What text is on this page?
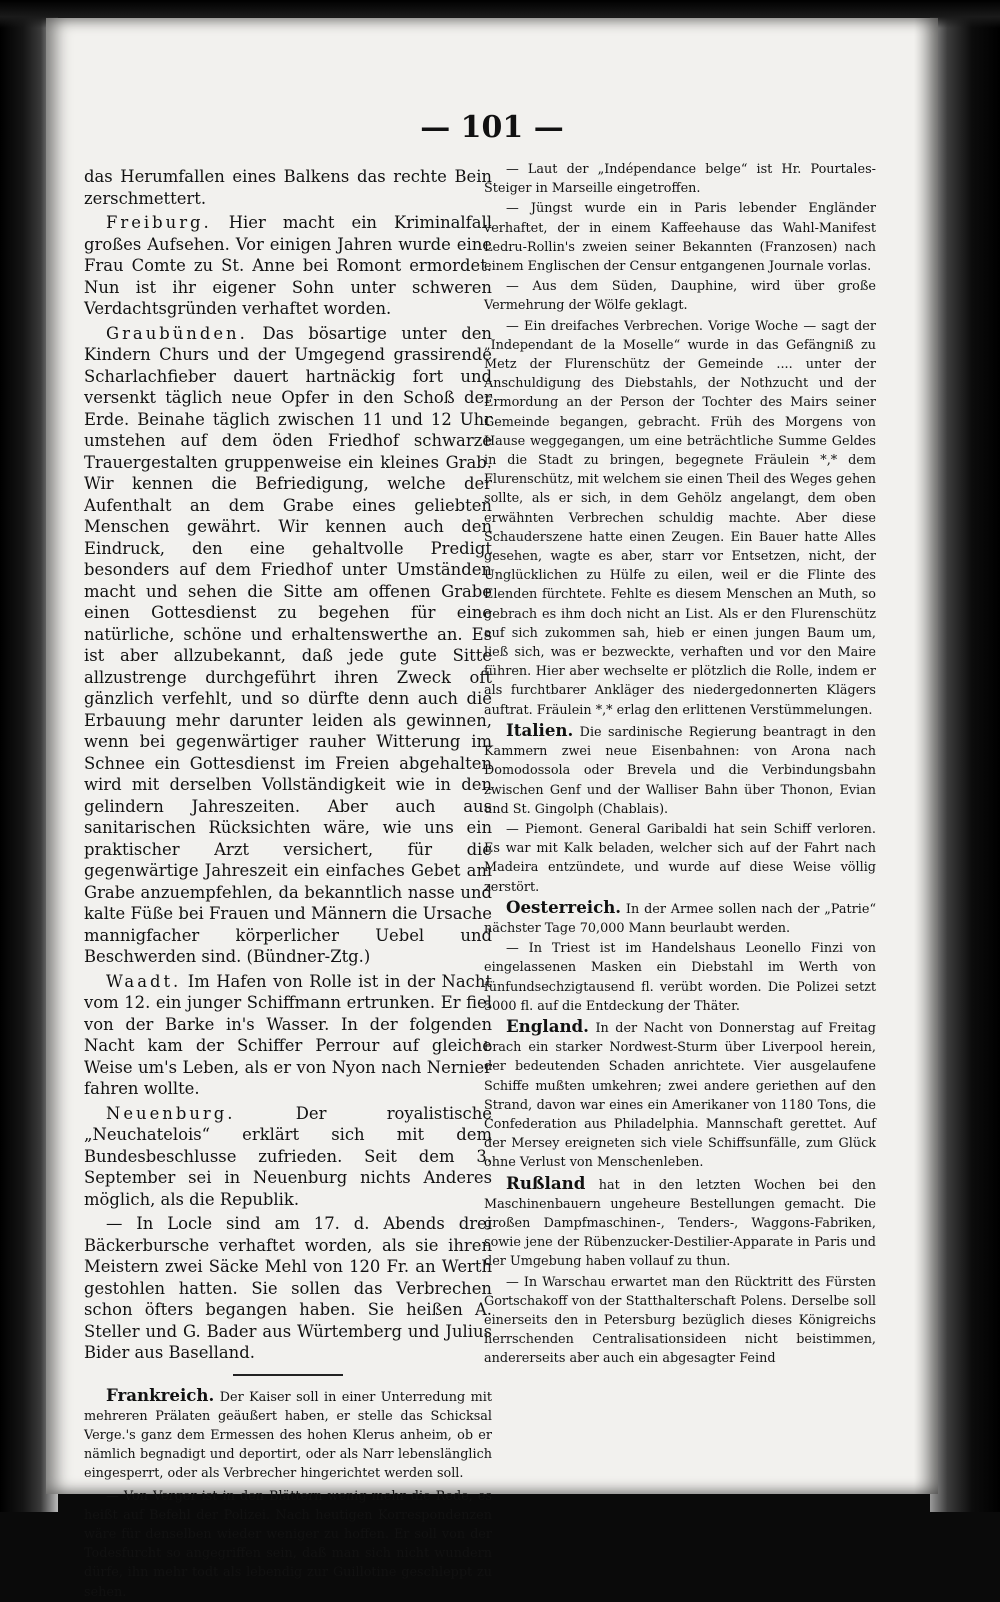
— 101 —

das Herumfallen eines Balkens das rechte Bein zerschmettert.

Freiburg. Hier macht ein Kriminalfall großes Aufsehen. Vor einigen Jahren wurde eine Frau Comte zu St. Anne bei Romont ermordet. Nun ist ihr eigener Sohn unter schweren Verdachtsgründen verhaftet worden.

Graubünden. Das bösartige unter den Kindern Churs und der Umgegend grassirende Scharlachfieber dauert hartnäckig fort und versenkt täglich neue Opfer in den Schoß der Erde. Beinahe täglich zwischen 11 und 12 Uhr umstehen auf dem öden Friedhof schwarze Trauergestalten gruppenweise ein kleines Grab. Wir kennen die Befriedigung, welche der Aufenthalt an dem Grabe eines geliebten Menschen gewährt. Wir kennen auch den Eindruck, den eine gehaltvolle Predigt besonders auf dem Friedhof unter Umständen macht und sehen die Sitte am offenen Grabe einen Gottesdienst zu begehen für eine natürliche, schöne und erhaltenswerthe an. Es ist aber allzubekannt, daß jede gute Sitte allzustrenge durchgeführt ihren Zweck oft gänzlich verfehlt, und so dürfte denn auch die Erbauung mehr darunter leiden als gewinnen, wenn bei gegenwärtiger rauher Witterung im Schnee ein Gottesdienst im Freien abgehalten wird mit derselben Vollständigkeit wie in den gelindern Jahreszeiten. Aber auch aus sanitarischen Rücksichten wäre, wie uns ein praktischer Arzt versichert, für die gegenwärtige Jahreszeit ein einfaches Gebet am Grabe anzuempfehlen, da bekanntlich nasse und kalte Füße bei Frauen und Männern die Ursache mannigfacher körperlicher Uebel und Beschwerden sind. (Bündner-Ztg.)

Waadt. Im Hafen von Rolle ist in der Nacht vom 12. ein junger Schiffmann ertrunken. Er fiel von der Barke in's Wasser. In der folgenden Nacht kam der Schiffer Perrour auf gleiche Weise um's Leben, als er von Nyon nach Nernier fahren wollte.

Neuenburg. Der royalistische „Neuchatelois“ erklärt sich mit dem Bundesbeschlusse zufrieden. Seit dem 3. September sei in Neuenburg nichts Anderes möglich, als die Republik.

— In Locle sind am 17. d. Abends drei Bäckerbursche verhaftet worden, als sie ihren Meistern zwei Säcke Mehl von 120 Fr. an Werth gestohlen hatten. Sie sollen das Verbrechen schon öfters begangen haben. Sie heißen A. Steller und G. Bader aus Würtemberg und Julius Bider aus Baselland.

Frankreich. Der Kaiser soll in einer Unterredung mit mehreren Prälaten geäußert haben, er stelle das Schicksal Verge.'s ganz dem Ermessen des hohen Klerus anheim, ob er nämlich begnadigt und deportirt, oder als Narr lebenslänglich eingesperrt, oder als Verbrecher hingerichtet werden soll.

— Von Verger ist in den Blättern wenig mehr die Rede, es heißt auf Befehl der Polizei. Nach heutigen Korrespondenzen wäre für denselben wieder weniger zu hoffen. Er soll von der Todesfurcht so angegriffen sein, daß man sich nicht wundern dürfe, ihn mehr todt als lebendig zur Guillotine geschleppt zu sehen.

— Laut der „Indépendance belge“ ist Hr. Pourtales-Steiger in Marseille eingetroffen.

— Jüngst wurde ein in Paris lebender Engländer verhaftet, der in einem Kaffeehause das Wahl-Manifest Ledru-Rollin's zweien seiner Bekannten (Franzosen) nach einem Englischen der Censur entgangenen Journale vorlas.

— Aus dem Süden, Dauphine, wird über große Vermehrung der Wölfe geklagt.

— Ein dreifaches Verbrechen. Vorige Woche — sagt der „Independant de la Moselle“ wurde in das Gefängniß zu Metz der Flurenschütz der Gemeinde .... unter der Anschuldigung des Diebstahls, der Nothzucht und der Ermordung an der Person der Tochter des Mairs seiner Gemeinde begangen, gebracht. Früh des Morgens von Hause weggegangen, um eine beträchtliche Summe Geldes in die Stadt zu bringen, begegnete Fräulein *,* dem Flurenschütz, mit welchem sie einen Theil des Weges gehen sollte, als er sich, in dem Gehölz angelangt, dem oben erwähnten Verbrechen schuldig machte. Aber diese Schauderszene hatte einen Zeugen. Ein Bauer hatte Alles gesehen, wagte es aber, starr vor Entsetzen, nicht, der Unglücklichen zu Hülfe zu eilen, weil er die Flinte des Elenden fürchtete. Fehlte es diesem Menschen an Muth, so gebrach es ihm doch nicht an List. Als er den Flurenschütz auf sich zukommen sah, hieb er einen jungen Baum um, ließ sich, was er bezweckte, verhaften und vor den Maire führen. Hier aber wechselte er plötzlich die Rolle, indem er als furchtbarer Ankläger des niedergedonnerten Klägers auftrat. Fräulein *,* erlag den erlittenen Verstümmelungen.

Italien. Die sardinische Regierung beantragt in den Kammern zwei neue Eisenbahnen: von Arona nach Domodossola oder Brevela und die Verbindungsbahn zwischen Genf und der Walliser Bahn über Thonon, Evian und St. Gingolph (Chablais).

— Piemont. General Garibaldi hat sein Schiff verloren. Es war mit Kalk beladen, welcher sich auf der Fahrt nach Madeira entzündete, und wurde auf diese Weise völlig zerstört.

Oesterreich. In der Armee sollen nach der „Patrie“ nächster Tage 70,000 Mann beurlaubt werden.

— In Triest ist im Handelshaus Leonello Finzi von eingelassenen Masken ein Diebstahl im Werth von fünfundsechzigtausend fl. verübt worden. Die Polizei setzt 5000 fl. auf die Entdeckung der Thäter.

England. In der Nacht von Donnerstag auf Freitag brach ein starker Nordwest-Sturm über Liverpool herein, der bedeutenden Schaden anrichtete. Vier ausgelaufene Schiffe mußten umkehren; zwei andere geriethen auf den Strand, davon war eines ein Amerikaner von 1180 Tons, die Confederation aus Philadelphia. Mannschaft gerettet. Auf der Mersey ereigneten sich viele Schiffsunfälle, zum Glück ohne Verlust von Menschenleben.

Rußland hat in den letzten Wochen bei den Maschinenbauern ungeheure Bestellungen gemacht. Die großen Dampfmaschinen-, Tenders-, Waggons-Fabriken, sowie jene der Rübenzucker-Destilier-Apparate in Paris und der Umgebung haben vollauf zu thun.

— In Warschau erwartet man den Rücktritt des Fürsten Gortschakoff von der Statthalterschaft Polens. Derselbe soll einerseits den in Petersburg bezüglich dieses Königreichs herrschenden Centralisationsideen nicht beistimmen, andererseits aber auch ein abgesagter Feind
